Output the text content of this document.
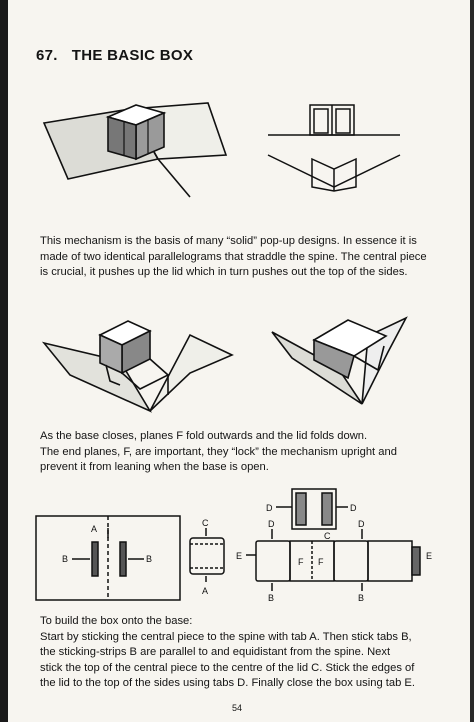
67. THE BASIC BOX
This mechanism is the basis of many “solid” pop-up designs. In essence it is
made of two identical parallelograms that straddle the spine. The central piece
is crucial, it pushes up the lid which in turn pushes out the top of the sides.
As the base closes, planes F fold outwards and the lid folds down.
The end planes, F, are important, they “lock” the mechanism upright and
prevent it from leaning when the base is open.
A
B	B
C
A
D	D
D	D
C
E	E
F F
B	B
To build the box onto the base:
Start by sticking the central piece to the spine with tab A. Then stick tabs B,
the sticking-strips B are parallel to and equidistant from the spine. Next
stick the top of the central piece to the centre of the lid C. Stick the edges of
the lid to the top of the sides using tabs D. Finally close the box using tab E.
54
